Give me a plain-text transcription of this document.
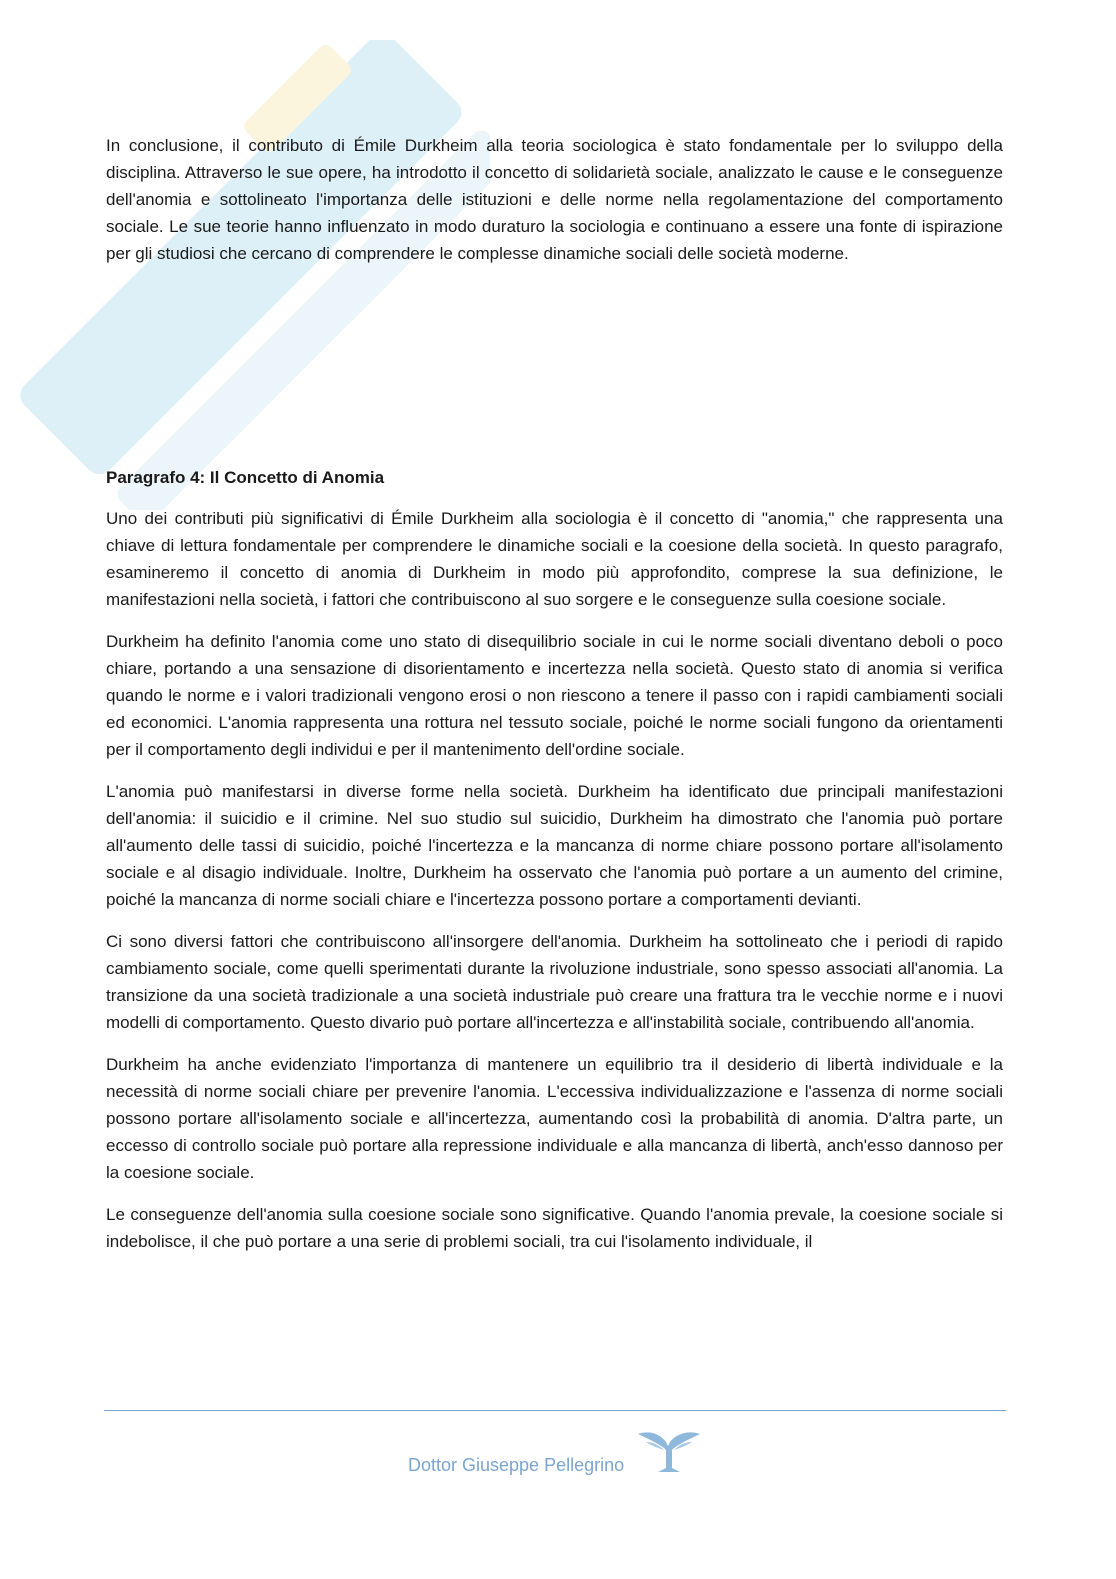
In conclusione, il contributo di Émile Durkheim alla teoria sociologica è stato fondamentale per lo sviluppo della disciplina. Attraverso le sue opere, ha introdotto il concetto di solidarietà sociale, analizzato le cause e le conseguenze dell'anomia e sottolineato l'importanza delle istituzioni e delle norme nella regolamentazione del comportamento sociale. Le sue teorie hanno influenzato in modo duraturo la sociologia e continuano a essere una fonte di ispirazione per gli studiosi che cercano di comprendere le complesse dinamiche sociali delle società moderne.

Paragrafo 4: Il Concetto di Anomia

Uno dei contributi più significativi di Émile Durkheim alla sociologia è il concetto di "anomia," che rappresenta una chiave di lettura fondamentale per comprendere le dinamiche sociali e la coesione della società. In questo paragrafo, esamineremo il concetto di anomia di Durkheim in modo più approfondito, comprese la sua definizione, le manifestazioni nella società, i fattori che contribuiscono al suo sorgere e le conseguenze sulla coesione sociale.

Durkheim ha definito l'anomia come uno stato di disequilibrio sociale in cui le norme sociali diventano deboli o poco chiare, portando a una sensazione di disorientamento e incertezza nella società. Questo stato di anomia si verifica quando le norme e i valori tradizionali vengono erosi o non riescono a tenere il passo con i rapidi cambiamenti sociali ed economici. L'anomia rappresenta una rottura nel tessuto sociale, poiché le norme sociali fungono da orientamenti per il comportamento degli individui e per il mantenimento dell'ordine sociale.

L'anomia può manifestarsi in diverse forme nella società. Durkheim ha identificato due principali manifestazioni dell'anomia: il suicidio e il crimine. Nel suo studio sul suicidio, Durkheim ha dimostrato che l'anomia può portare all'aumento delle tassi di suicidio, poiché l'incertezza e la mancanza di norme chiare possono portare all'isolamento sociale e al disagio individuale. Inoltre, Durkheim ha osservato che l'anomia può portare a un aumento del crimine, poiché la mancanza di norme sociali chiare e l'incertezza possono portare a comportamenti devianti.

Ci sono diversi fattori che contribuiscono all'insorgere dell'anomia. Durkheim ha sottolineato che i periodi di rapido cambiamento sociale, come quelli sperimentati durante la rivoluzione industriale, sono spesso associati all'anomia. La transizione da una società tradizionale a una società industriale può creare una frattura tra le vecchie norme e i nuovi modelli di comportamento. Questo divario può portare all'incertezza e all'instabilità sociale, contribuendo all'anomia.

Durkheim ha anche evidenziato l'importanza di mantenere un equilibrio tra il desiderio di libertà individuale e la necessità di norme sociali chiare per prevenire l'anomia. L'eccessiva individualizzazione e l'assenza di norme sociali possono portare all'isolamento sociale e all'incertezza, aumentando così la probabilità di anomia. D'altra parte, un eccesso di controllo sociale può portare alla repressione individuale e alla mancanza di libertà, anch'esso dannoso per la coesione sociale.

Le conseguenze dell'anomia sulla coesione sociale sono significative. Quando l'anomia prevale, la coesione sociale si indebolisce, il che può portare a una serie di problemi sociali, tra cui l'isolamento individuale, il

Dottor Giuseppe Pellegrino
